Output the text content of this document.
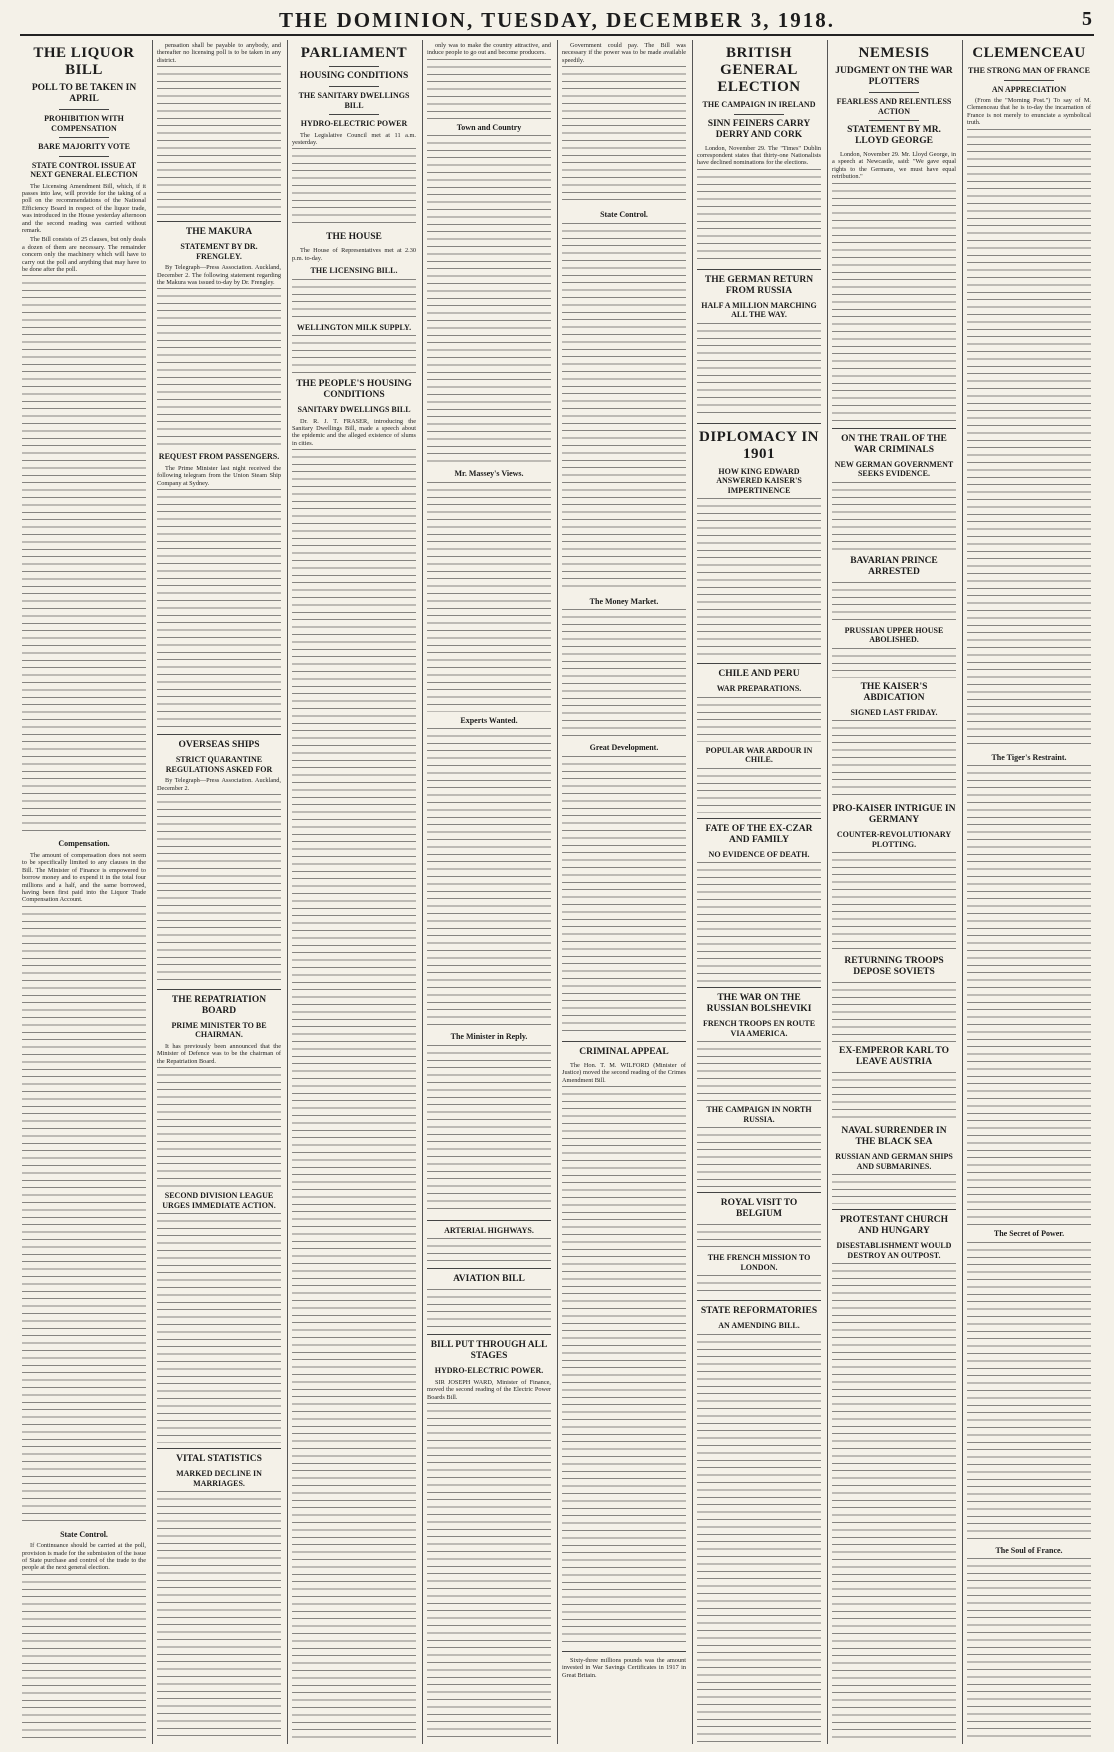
THE DOMINION, TUESDAY, DECEMBER 3, 1918.	5
THE LIQUOR BILL
POLL TO BE TAKEN IN APRIL
PROHIBITION WITH COMPENSATION
BARE MAJORITY VOTE
STATE CONTROL ISSUE AT NEXT GENERAL ELECTION

The Licensing Amendment Bill, which, if it passes into law, will provide for the taking of a poll on the recommendations of the National Efficiency Board in respect of the liquor trade, was introduced in the House yesterday afternoon and the second reading was carried without remark.

The Bill consists of 25 clauses, but only deals a dozen of them are necessary. The remainder concern only the machinery which will have to carry out the poll and anything that may have to be done after the poll.

Compensation.

The amount of compensation does not seem to be specifically limited to any clauses in the Bill. The Minister of Finance is empowered to borrow money and to expend it in the total four millions and a half, and the same borrowed, having been first paid into the Liquor Trade Compensation Account.

State Control.

If Continuance should be carried at the poll, provision is made for the submission of the issue of State purchase and control of the trade to the people at the next general election.

pensation shall be payable to anybody, and thereafter no licensing poll is to be taken in any district.

THE MAKURA
STATEMENT BY DR. FRENGLEY.

By Telegraph—Press Association. Auckland, December 2. The following statement regarding the Makura was issued to-day by Dr. Frengley.

REQUEST FROM PASSENGERS.

The Prime Minister last night received the following telegram from the Union Steam Ship Company at Sydney.

OVERSEAS SHIPS
STRICT QUARANTINE REGULATIONS ASKED FOR

By Telegraph—Press Association. Auckland, December 2.

THE REPATRIATION BOARD
PRIME MINISTER TO BE CHAIRMAN.

It has previously been announced that the Minister of Defence was to be the chairman of the Repatriation Board.

SECOND DIVISION LEAGUE URGES IMMEDIATE ACTION.
VITAL STATISTICS
MARKED DECLINE IN MARRIAGES.
PARLIAMENT
HOUSING CONDITIONS
THE SANITARY DWELLINGS BILL
HYDRO-ELECTRIC POWER

The Legislative Council met at 11 a.m. yesterday.

THE HOUSE

The House of Representatives met at 2.30 p.m. to-day.

THE LICENSING BILL.
WELLINGTON MILK SUPPLY.
THE PEOPLE'S HOUSING CONDITIONS
SANITARY DWELLINGS BILL

Dr. R. J. T. FRASER, introducing the Sanitary Dwellings Bill, made a speech about the epidemic and the alleged existence of slums in cities.

only was to make the country attractive, and induce people to go out and become producers.

Town and Country
Mr. Massey's Views.
Experts Wanted.
The Minister in Reply.
ARTERIAL HIGHWAYS.
AVIATION BILL
BILL PUT THROUGH ALL STAGES
HYDRO-ELECTRIC POWER.

SIR JOSEPH WARD, Minister of Finance, moved the second reading of the Electric Power Boards Bill.

Government could pay. The Bill was necessary if the power was to be made available speedily.

State Control.
The Money Market.
Great Development.
CRIMINAL APPEAL

The Hon. T. M. WILFORD (Minister of Justice) moved the second reading of the Crimes Amendment Bill.

Sixty-three millions pounds was the amount invested in War Savings Certificates in 1917 in Great Britain.

BRITISH GENERAL ELECTION
THE CAMPAIGN IN IRELAND
SINN FEINERS CARRY DERRY AND CORK

London, November 29. The "Times" Dublin correspondent states that thirty-one Nationalists have declined nominations for the elections.

THE GERMAN RETURN FROM RUSSIA
HALF A MILLION MARCHING ALL THE WAY.
DIPLOMACY IN 1901
HOW KING EDWARD ANSWERED KAISER'S IMPERTINENCE
CHILE AND PERU
WAR PREPARATIONS.
POPULAR WAR ARDOUR IN CHILE.
FATE OF THE EX-CZAR AND FAMILY
NO EVIDENCE OF DEATH.
THE WAR ON THE RUSSIAN BOLSHEVIKI
FRENCH TROOPS EN ROUTE VIA AMERICA.
THE CAMPAIGN IN NORTH RUSSIA.
ROYAL VISIT TO BELGIUM
THE FRENCH MISSION TO LONDON.
STATE REFORMATORIES
AN AMENDING BILL.
NEMESIS
JUDGMENT ON THE WAR PLOTTERS
FEARLESS AND RELENTLESS ACTION
STATEMENT BY MR. LLOYD GEORGE

London, November 29. Mr. Lloyd George, in a speech at Newcastle, said: "We gave equal rights to the Germans, we must have equal retribution."

ON THE TRAIL OF THE WAR CRIMINALS
NEW GERMAN GOVERNMENT SEEKS EVIDENCE.
BAVARIAN PRINCE ARRESTED
PRUSSIAN UPPER HOUSE ABOLISHED.
THE KAISER'S ABDICATION
SIGNED LAST FRIDAY.
PRO-KAISER INTRIGUE IN GERMANY
COUNTER-REVOLUTIONARY PLOTTING.
RETURNING TROOPS DEPOSE SOVIETS
EX-EMPEROR KARL TO LEAVE AUSTRIA
NAVAL SURRENDER IN THE BLACK SEA
RUSSIAN AND GERMAN SHIPS AND SUBMARINES.
PROTESTANT CHURCH AND HUNGARY
DISESTABLISHMENT WOULD DESTROY AN OUTPOST.
CLEMENCEAU
THE STRONG MAN OF FRANCE
AN APPRECIATION

(From the "Morning Post.") To say of M. Clemenceau that he is to-day the incarnation of France is not merely to enunciate a symbolical truth.

The Tiger's Restraint.
The Secret of Power.
The Soul of France.
